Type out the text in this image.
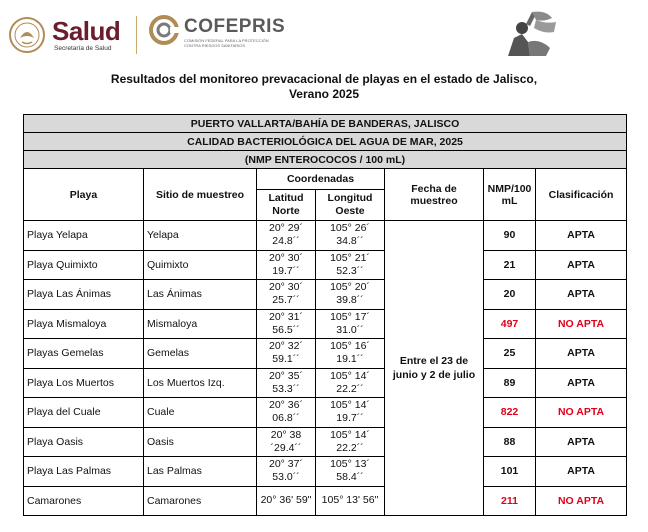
Salud
Secretaría de Salud
COFEPRIS
COMISIÓN FEDERAL PARA LA PROTECCIÓN CONTRA RIESGOS SANITARIOS
Resultados del monitoreo prevacacional de playas en el estado de Jalisco,
Verano 2025
PUERTO VALLARTA/BAHÍA DE BANDERAS, JALISCO						
CALIDAD BACTERIOLÓGICA DEL AGUA DE MAR, 2025						
(NMP ENTEROCOCOS / 100 mL)						
Playa	Sitio de muestreo	Coordenadas		Fecha de muestreo	NMP/100 mL	Clasificación
		Latitud Norte	Longitud Oeste			
Playa Yelapa	Yelapa	20° 29´ 24.8´´	105° 26´ 34.8´´	Entre el 23 de junio y 2 de julio	90	APTA
Playa Quimixto	Quimixto	20° 30´ 19.7´´	105° 21´ 52.3´´		21	APTA
Playa Las Ánimas	Las Ánimas	20° 30´ 25.7´´	105° 20´ 39.8´´		20	APTA
Playa Mismaloya	Mismaloya	20° 31´ 56.5´´	105° 17´ 31.0´´		497	NO APTA
Playas Gemelas	Gemelas	20° 32´ 59.1´´	105° 16´ 19.1´´		25	APTA
Playa Los Muertos	Los Muertos Izq.	20° 35´ 53.3´´	105° 14´ 22.2´´		89	APTA
Playa del Cuale	Cuale	20° 36´ 06.8´´	105° 14´ 19.7´´		822	NO APTA
Playa Oasis	Oasis	20° 38 ´29.4´´	105° 14´ 22.2´´		88	APTA
Playa Las Palmas	Las Palmas	20° 37´ 53.0´´	105° 13´ 58.4´´		101	APTA
Camarones	Camarones	20° 36' 59"	105° 13' 56"		211	NO APTA
